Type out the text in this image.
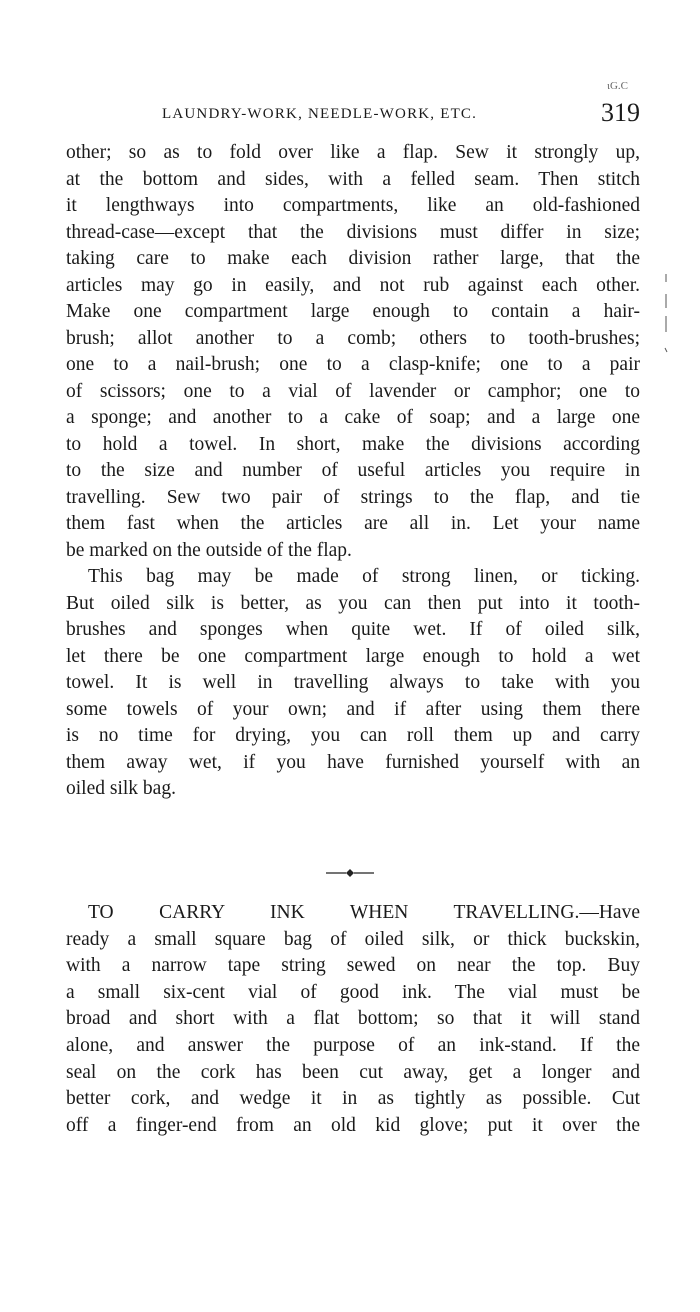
LAUNDRY-WORK, NEEDLE-WORK, ETC.
ιG.C
319
other; so as to fold over like a flap. Sew it strongly up,
at the bottom and sides, with a felled seam. Then stitch
it lengthways into compartments, like an old-fashioned
thread-case—except that the divisions must differ in size;
taking care to make each division rather large, that the
articles may go in easily, and not rub against each other.
Make one compartment large enough to contain a hair-
brush; allot another to a comb; others to tooth-brushes;
one to a nail-brush; one to a clasp-knife; one to a pair
of scissors; one to a vial of lavender or camphor; one to
a sponge; and another to a cake of soap; and a large one
to hold a towel. In short, make the divisions according
to the size and number of useful articles you require in
travelling. Sew two pair of strings to the flap, and tie
them fast when the articles are all in. Let your name
be marked on the outside of the flap.
This bag may be made of strong linen, or ticking.
But oiled silk is better, as you can then put into it tooth-
brushes and sponges when quite wet. If of oiled silk,
let there be one compartment large enough to hold a wet
towel. It is well in travelling always to take with you
some towels of your own; and if after using them there
is no time for drying, you can roll them up and carry
them away wet, if you have furnished yourself with an
oiled silk bag.
TO CARRY INK WHEN TRAVELLING.—Have
ready a small square bag of oiled silk, or thick buckskin,
with a narrow tape string sewed on near the top. Buy
a small six-cent vial of good ink. The vial must be
broad and short with a flat bottom; so that it will stand
alone, and answer the purpose of an ink-stand. If the
seal on the cork has been cut away, get a longer and
better cork, and wedge it in as tightly as possible. Cut
off a finger-end from an old kid glove; put it over the
